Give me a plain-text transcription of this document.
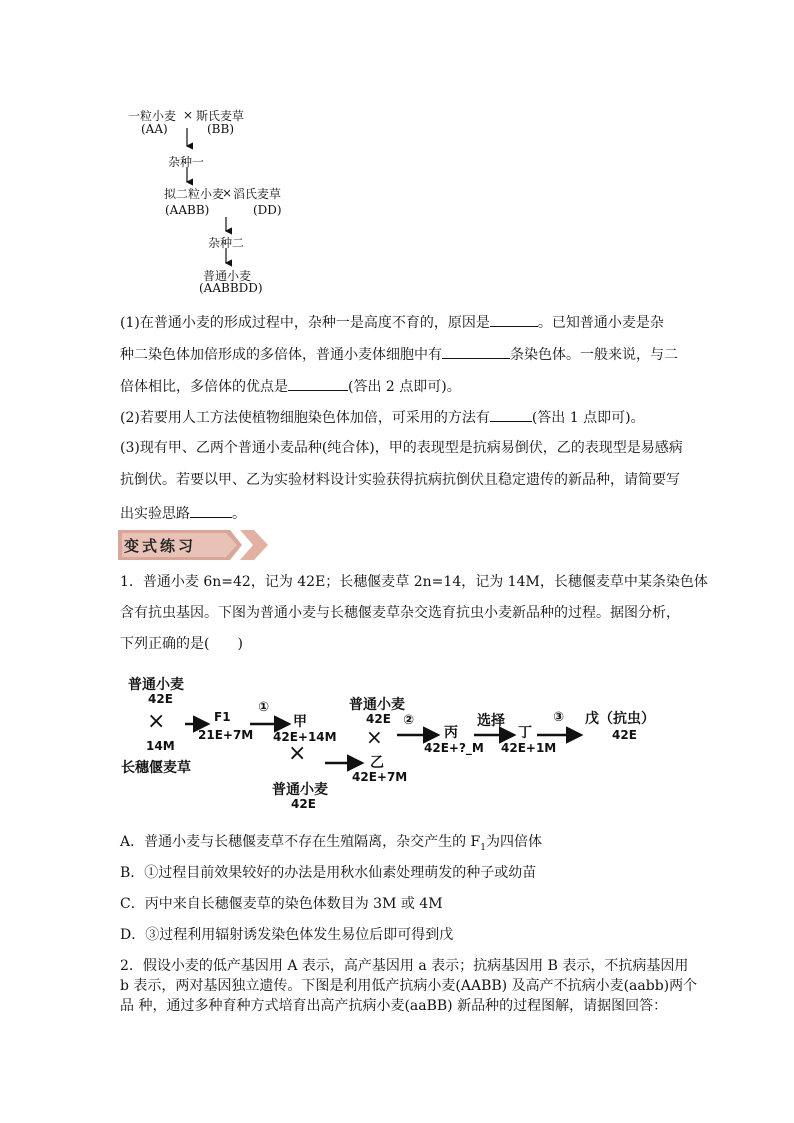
一粒小麦 × 斯氏麦草
(AA)	(BB)
杂种一
拟二粒小麦
× 滔氏麦草
(AABB)	(DD)
杂种二
普通小麦
(AABBDD)
(1)在普通小麦的形成过程中，杂种一是高度不育的，原因是	。已知普通小麦是杂
种二染色体加倍形成的多倍体，普通小麦体细胞中有	条染色体。一般来说，与二
倍体相比，多倍体的优点是	(答出 2 点即可)。
(2)若要用人工方法使植物细胞染色体加倍，可采用的方法有	(答出 1 点即可)。
(3)现有甲、乙两个普通小麦品种(纯合体)，甲的表现型是抗病易倒伏，乙的表现型是易感病
抗倒伏。若要以甲、乙为实验材料设计实验获得抗病抗倒伏且稳定遗传的新品种，请简要写
出实验思路	。
变式练习
1．普通小麦 6n=42，记为 42E；长穗偃麦草 2n=14，记为 14M，长穗偃麦草中某条染色体
含有抗虫基因。下图为普通小麦与长穗偃麦草杂交选育抗虫小麦新品种的过程。据图分析，
下列正确的是(　　)
普通小麦
42E
×
14M
长穗偃麦草
F1
21E+7M
①
甲
42E+14M
×
普通小麦
42E
普通小麦
42E
×
乙
42E+7M
②
丙
42E+?_M
选择
丁
42E+1M
③ 戊（抗虫）
42E
A．普通小麦与长穗偃麦草不存在生殖隔离，杂交产生的 $F_1$为四倍体
B．①过程目前效果较好的办法是用秋水仙素处理萌发的种子或幼苗
C．丙中来自长穗偃麦草的染色体数目为 3M 或 4M
D．③过程利用辐射诱发染色体发生易位后即可得到戊
2．假设小麦的低产基因用 A 表示，高产基因用 a 表示；抗病基因用 B 表示，不抗病基因用
b 表示，两对基因独立遗传。下图是利用低产抗病小麦(AABB) 及高产不抗病小麦(aabb)两个
品 种，通过多种育种方式培育出高产抗病小麦(aaBB) 新品种的过程图解，请据图回答：
